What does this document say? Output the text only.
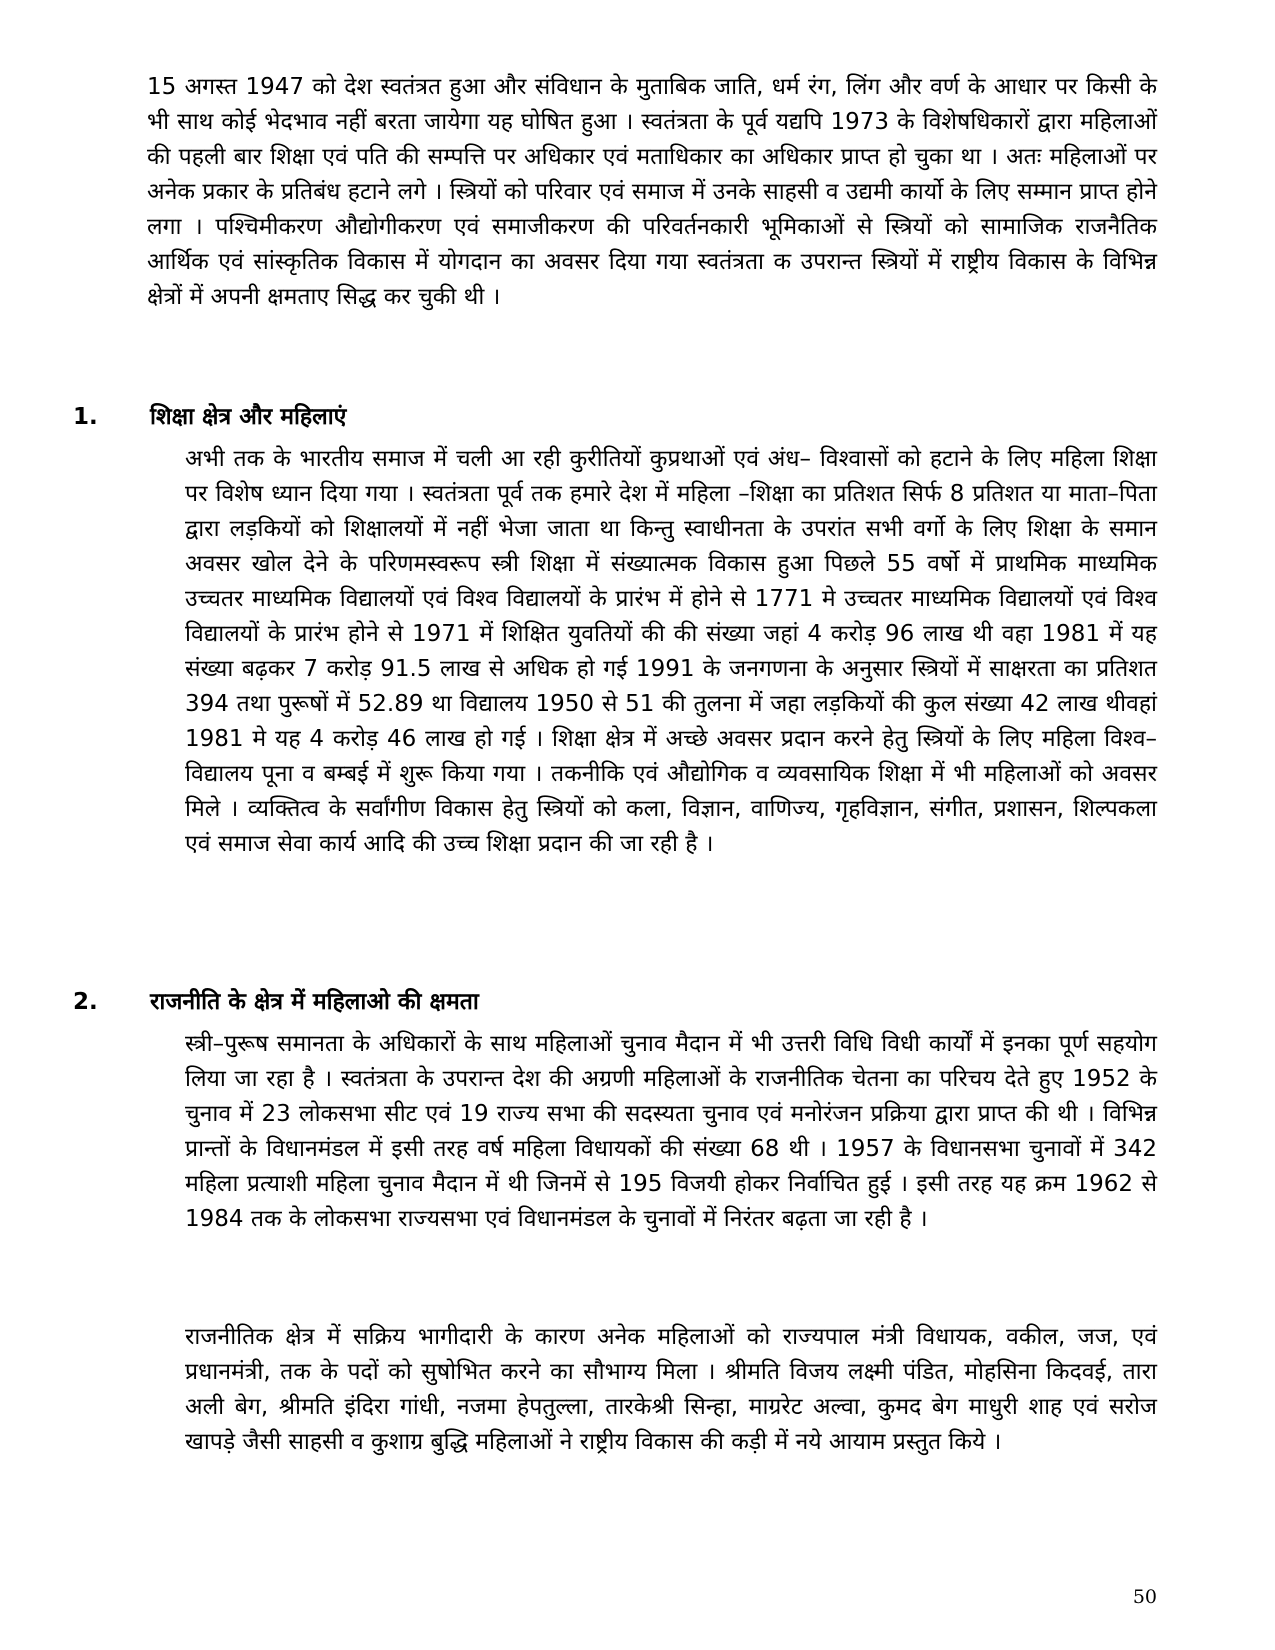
15 अगस्त 1947 को देश स्वतंत्रत हुआ और संविधान के मुताबिक जाति, धर्म रंग, लिंग और वर्ण के आधार पर किसी के भी साथ कोई भेदभाव नहीं बरता जायेगा यह घोषित हुआ । स्वतंत्रता के पूर्व यद्यपि 1973 के विशेषधिकारों द्वारा महिलाओं की पहली बार शिक्षा एवं पति की सम्पत्ति पर अधिकार एवं मताधिकार का अधिकार प्राप्त हो चुका था । अतः महिलाओं पर अनेक प्रकार के प्रतिबंध हटाने लगे । स्त्रियों को परिवार एवं समाज में उनके साहसी व उद्यमी कार्यो के लिए सम्मान प्राप्त होने लगा । पश्चिमीकरण औद्योगीकरण एवं समाजीकरण की परिवर्तनकारी भूमिकाओं से स्त्रियों को सामाजिक राजनैतिक आर्थिक एवं सांस्कृतिक विकास में योगदान का अवसर दिया गया स्वतंत्रता क उपरान्त स्त्रियों में राष्ट्रीय विकास के विभिन्न क्षेत्रों में अपनी क्षमताए सिद्ध कर चुकी थी ।

1. शिक्षा क्षेत्र और महिलाएं

अभी तक के भारतीय समाज में चली आ रही कुरीतियों कुप्रथाओं एवं अंध– विश्वासों को हटाने के लिए महिला शिक्षा पर विशेष ध्यान दिया गया । स्वतंत्रता पूर्व तक हमारे देश में महिला –शिक्षा का प्रतिशत सिर्फ 8 प्रतिशत या माता–पिता द्वारा लड़कियों को शिक्षालयों में नहीं भेजा जाता था किन्तु स्वाधीनता के उपरांत सभी वर्गो के लिए शिक्षा के समान अवसर खोल देने के परिणमस्वरूप स्त्री शिक्षा में संख्यात्मक विकास हुआ पिछले 55 वर्षो में प्राथमिक माध्यमिक उच्चतर माध्यमिक विद्यालयों एवं विश्व विद्यालयों के प्रारंभ में होने से 1771 मे उच्चतर माध्यमिक विद्यालयों एवं विश्व विद्यालयों के प्रारंभ होने से 1971 में शिक्षित युवतियों की की संख्या जहां 4 करोड़ 96 लाख थी वहा 1981 में यह संख्या बढ़कर 7 करोड़ 91.5 लाख से अधिक हो गई 1991 के जनगणना के अनुसार स्त्रियों में साक्षरता का प्रतिशत 394 तथा पुरूषों में 52.89 था विद्यालय 1950 से 51 की तुलना में जहा लड़कियों की कुल संख्या 42 लाख थीवहां 1981 मे यह 4 करोड़ 46 लाख हो गई । शिक्षा क्षेत्र में अच्छे अवसर प्रदान करने हेतु स्त्रियों के लिए महिला विश्व–विद्यालय पूना व बम्बई में शुरू किया गया । तकनीकि एवं औद्योगिक व व्यवसायिक शिक्षा में भी महिलाओं को अवसर मिले । व्यक्तित्व के सर्वांगीण विकास हेतु स्त्रियों को कला, विज्ञान, वाणिज्य, गृहविज्ञान, संगीत, प्रशासन, शिल्पकला एवं समाज सेवा कार्य आदि की उच्च शिक्षा प्रदान की जा रही है ।

2. राजनीति के क्षेत्र में महिलाओ की क्षमता

स्त्री–पुरूष समानता के अधिकारों के साथ महिलाओं चुनाव मैदान में भी उत्तरी विधि विधी कार्यों में इनका पूर्ण सहयोग लिया जा रहा है । स्वतंत्रता के उपरान्त देश की अग्रणी महिलाओं के राजनीतिक चेतना का परिचय देते हुए 1952 के चुनाव में 23 लोकसभा सीट एवं 19 राज्य सभा की सदस्यता चुनाव एवं मनोरंजन प्रक्रिया द्वारा प्राप्त की थी । विभिन्न प्रान्तों के विधानमंडल में इसी तरह वर्ष महिला विधायकों की संख्या 68 थी । 1957 के विधानसभा चुनावों में 342 महिला प्रत्याशी महिला चुनाव मैदान में थी जिनमें से 195 विजयी होकर निर्वाचित हुई । इसी तरह यह क्रम 1962 से 1984 तक के लोकसभा राज्यसभा एवं विधानमंडल के चुनावों में निरंतर बढ़ता जा रही है ।

राजनीतिक क्षेत्र में सक्रिय भागीदारी के कारण अनेक महिलाओं को राज्यपाल मंत्री विधायक, वकील, जज, एवं प्रधानमंत्री, तक के पदों को सुषोभित करने का सौभाग्य मिला । श्रीमति विजय लक्ष्मी पंडित, मोहसिना किदवई, तारा अली बेग, श्रीमति इंदिरा गांधी, नजमा हेपतुल्ला, तारकेश्री सिन्हा, माग्ररेट अल्वा, कुमद बेग माधुरी शाह एवं सरोज खापड़े जैसी साहसी व कुशाग्र बुद्धि महिलाओं ने राष्ट्रीय विकास की कड़ी में नये आयाम प्रस्तुत किये ।

50
